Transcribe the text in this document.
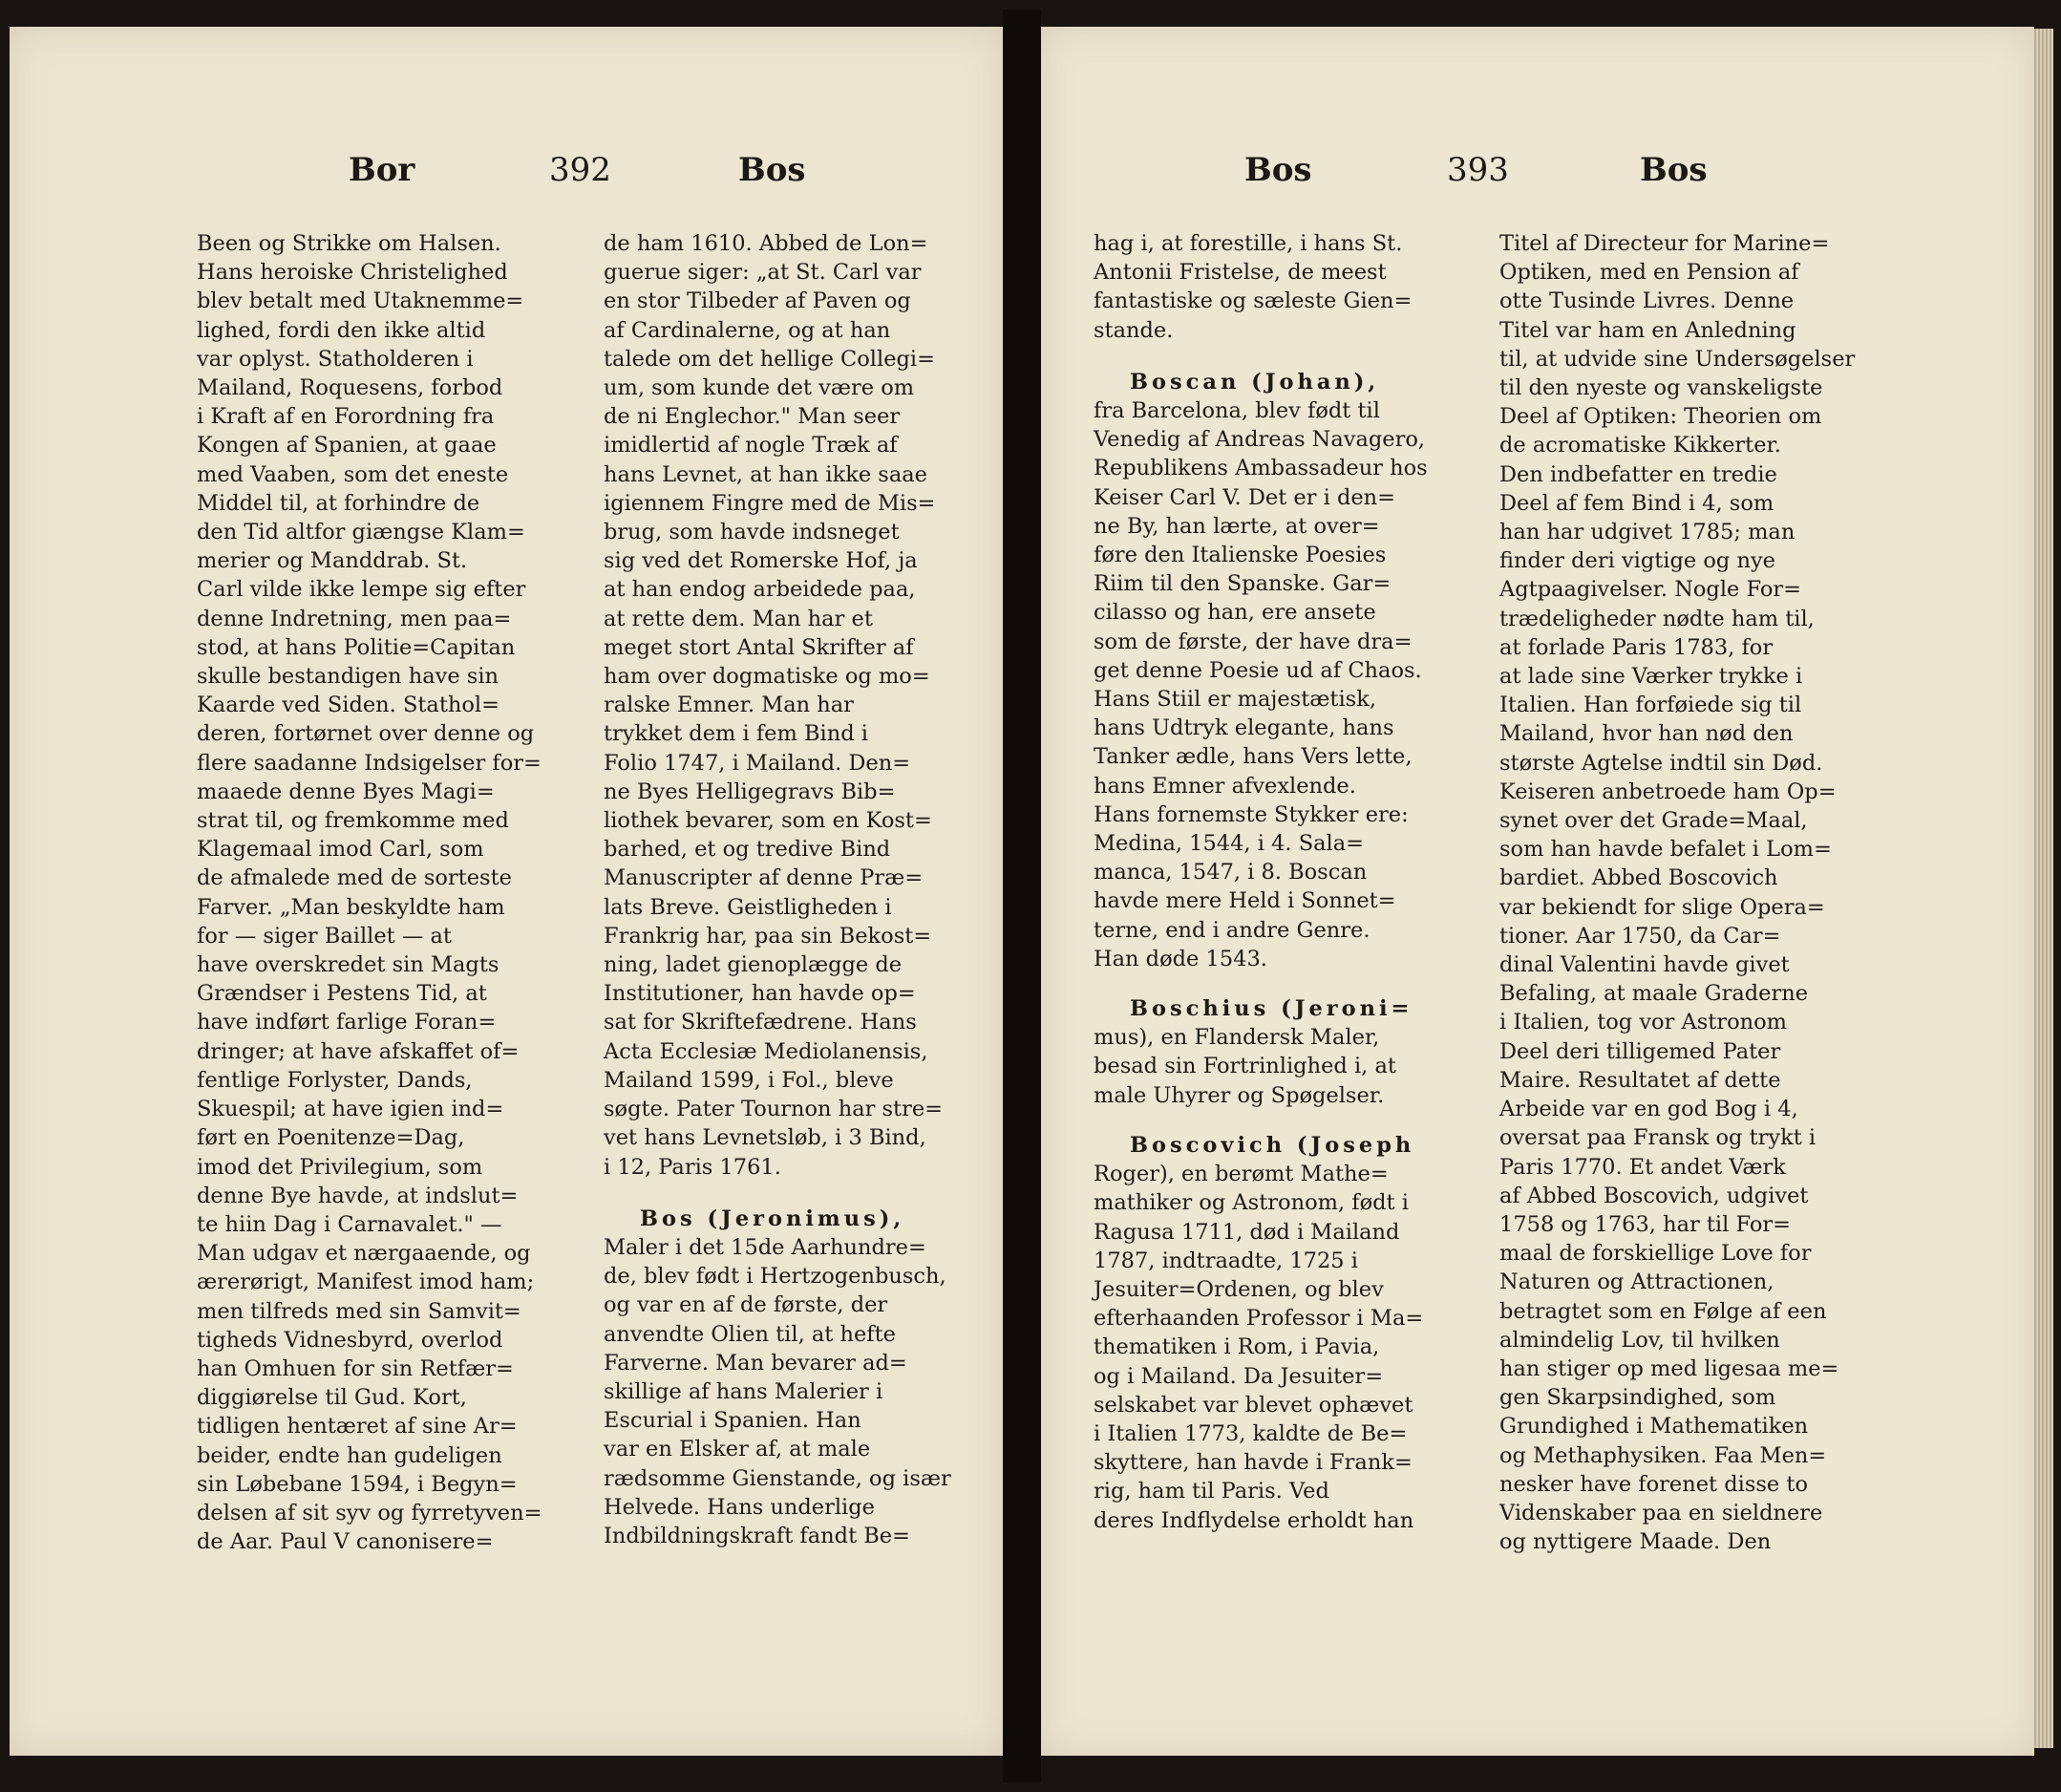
Bor	392	Bos
Been og Strikke om Halsen.
Hans heroiske Christelighed
blev betalt med Utaknemme=
lighed, fordi den ikke altid
var oplyst. Statholderen i
Mailand, Roquesens, forbod
i Kraft af en Forordning fra
Kongen af Spanien, at gaae
med Vaaben, som det eneste
Middel til, at forhindre de
den Tid altfor giængse Klam=
merier og Manddrab. St.
Carl vilde ikke lempe sig efter
denne Indretning, men paa=
stod, at hans Politie=Capitan
skulle bestandigen have sin
Kaarde ved Siden. Stathol=
deren, fortørnet over denne og
flere saadanne Indsigelser for=
maaede denne Byes Magi=
strat til, og fremkomme med
Klagemaal imod Carl, som
de afmalede med de sorteste
Farver. „Man beskyldte ham
for — siger Baillet — at
have overskredet sin Magts
Grændser i Pestens Tid, at
have indført farlige Foran=
dringer; at have afskaffet of=
fentlige Forlyster, Dands,
Skuespil; at have igien ind=
ført en Poenitenze=Dag,
imod det Privilegium, som
denne Bye havde, at indslut=
te hiin Dag i Carnavalet." —
Man udgav et nærgaaende, og
ærerørigt, Manifest imod ham;
men tilfreds med sin Samvit=
tigheds Vidnesbyrd, overlod
han Omhuen for sin Retfær=
diggiørelse til Gud. Kort,
tidligen hentæret af sine Ar=
beider, endte han gudeligen
sin Løbebane 1594, i Begyn=
delsen af sit syv og fyrretyven=
de Aar. Paul V canonisere=
de ham 1610. Abbed de Lon=
guerue siger: „at St. Carl var
en stor Tilbeder af Paven og
af Cardinalerne, og at han
talede om det hellige Collegi=
um, som kunde det være om
de ni Englechor." Man seer
imidlertid af nogle Træk af
hans Levnet, at han ikke saae
igiennem Fingre med de Mis=
brug, som havde indsneget
sig ved det Romerske Hof, ja
at han endog arbeidede paa,
at rette dem. Man har et
meget stort Antal Skrifter af
ham over dogmatiske og mo=
ralske Emner. Man har
trykket dem i fem Bind i
Folio 1747, i Mailand. Den=
ne Byes Helligegravs Bib=
liothek bevarer, som en Kost=
barhed, et og tredive Bind
Manuscripter af denne Præ=
lats Breve. Geistligheden i
Frankrig har, paa sin Bekost=
ning, ladet gienoplægge de
Institutioner, han havde op=
sat for Skriftefædrene. Hans
Acta Ecclesiæ Mediolanensis,
Mailand 1599, i Fol., bleve
søgte. Pater Tournon har stre=
vet hans Levnetsløb, i 3 Bind,
i 12, Paris 1761.
Bos (Jeronimus),
Maler i det 15de Aarhundre=
de, blev født i Hertzogenbusch,
og var en af de første, der
anvendte Olien til, at hefte
Farverne. Man bevarer ad=
skillige af hans Malerier i
Escurial i Spanien. Han
var en Elsker af, at male
rædsomme Gienstande, og især
Helvede. Hans underlige
Indbildningskraft fandt Be=
Bos	393	Bos
hag i, at forestille, i hans St.
Antonii Fristelse, de meest
fantastiske og sæleste Gien=
stande.
Boscan (Johan),
fra Barcelona, blev født til
Venedig af Andreas Navagero,
Republikens Ambassadeur hos
Keiser Carl V. Det er i den=
ne By, han lærte, at over=
føre den Italienske Poesies
Riim til den Spanske. Gar=
cilasso og han, ere ansete
som de første, der have dra=
get denne Poesie ud af Chaos.
Hans Stiil er majestætisk,
hans Udtryk elegante, hans
Tanker ædle, hans Vers lette,
hans Emner afvexlende.
Hans fornemste Stykker ere:
Medina, 1544, i 4. Sala=
manca, 1547, i 8. Boscan
havde mere Held i Sonnet=
terne, end i andre Genre.
Han døde 1543.
Boschius (Jeroni=
mus), en Flandersk Maler,
besad sin Fortrinlighed i, at
male Uhyrer og Spøgelser.
Boscovich (Joseph
Roger), en berømt Mathe=
mathiker og Astronom, født i
Ragusa 1711, død i Mailand
1787, indtraadte, 1725 i
Jesuiter=Ordenen, og blev
efterhaanden Professor i Ma=
thematiken i Rom, i Pavia,
og i Mailand. Da Jesuiter=
selskabet var blevet ophævet
i Italien 1773, kaldte de Be=
skyttere, han havde i Frank=
rig, ham til Paris. Ved
deres Indflydelse erholdt han
Titel af Directeur for Marine=
Optiken, med en Pension af
otte Tusinde Livres. Denne
Titel var ham en Anledning
til, at udvide sine Undersøgelser
til den nyeste og vanskeligste
Deel af Optiken: Theorien om
de acromatiske Kikkerter.
Den indbefatter en tredie
Deel af fem Bind i 4, som
han har udgivet 1785; man
finder deri vigtige og nye
Agtpaagivelser. Nogle For=
trædeligheder nødte ham til,
at forlade Paris 1783, for
at lade sine Værker trykke i
Italien. Han forføiede sig til
Mailand, hvor han nød den
største Agtelse indtil sin Død.
Keiseren anbetroede ham Op=
synet over det Grade=Maal,
som han havde befalet i Lom=
bardiet. Abbed Boscovich
var bekiendt for slige Opera=
tioner. Aar 1750, da Car=
dinal Valentini havde givet
Befaling, at maale Graderne
i Italien, tog vor Astronom
Deel deri tilligemed Pater
Maire. Resultatet af dette
Arbeide var en god Bog i 4,
oversat paa Fransk og trykt i
Paris 1770. Et andet Værk
af Abbed Boscovich, udgivet
1758 og 1763, har til For=
maal de forskiellige Love for
Naturen og Attractionen,
betragtet som en Følge af een
almindelig Lov, til hvilken
han stiger op med ligesaa me=
gen Skarpsindighed, som
Grundighed i Mathematiken
og Methaphysiken. Faa Men=
nesker have forenet disse to
Videnskaber paa en sieldnere
og nyttigere Maade. Den
